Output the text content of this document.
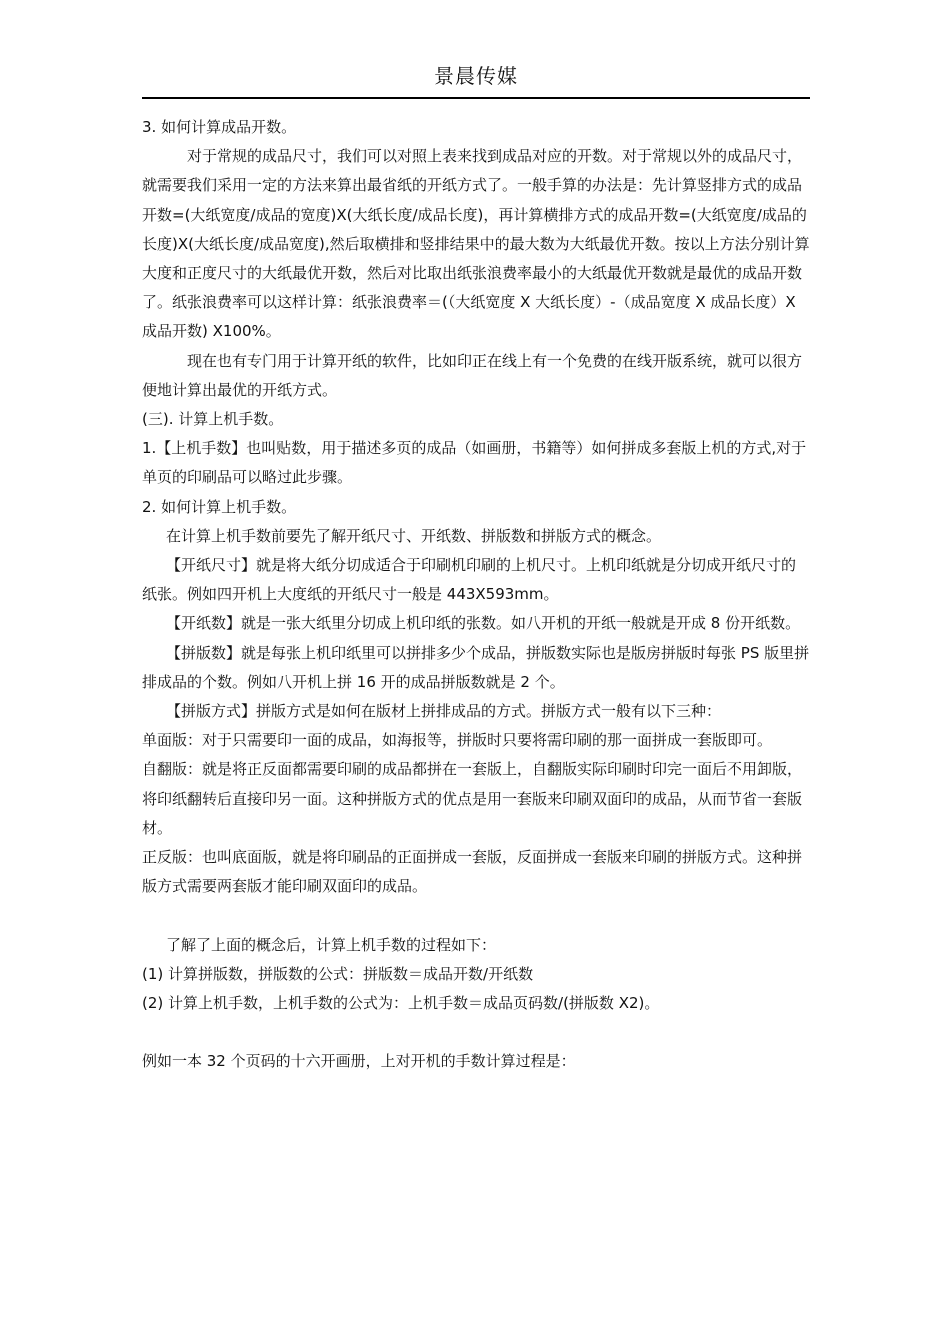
景晨传媒

3. 如何计算成品开数。

对于常规的成品尺寸，我们可以对照上表来找到成品对应的开数。对于常规以外的成品尺寸，就需要我们采用一定的方法来算出最省纸的开纸方式了。一般手算的办法是：先计算竖排方式的成品开数=(大纸宽度/成品的宽度)X(大纸长度/成品长度)，再计算横排方式的成品开数=(大纸宽度/成品的长度)X(大纸长度/成品宽度),然后取横排和竖排结果中的最大数为大纸最优开数。按以上方法分别计算大度和正度尺寸的大纸最优开数，然后对比取出纸张浪费率最小的大纸最优开数就是最优的成品开数了。纸张浪费率可以这样计算：纸张浪费率＝(（大纸宽度 X 大纸长度）-（成品宽度 X 成品长度）X 成品开数) X100%。

现在也有专门用于计算开纸的软件，比如印正在线上有一个免费的在线开版系统，就可以很方便地计算出最优的开纸方式。

(三). 计算上机手数。

1.【上机手数】也叫贴数，用于描述多页的成品（如画册，书籍等）如何拼成多套版上机的方式,对于单页的印刷品可以略过此步骤。

2. 如何计算上机手数。

在计算上机手数前要先了解开纸尺寸、开纸数、拼版数和拼版方式的概念。

【开纸尺寸】就是将大纸分切成适合于印刷机印刷的上机尺寸。上机印纸就是分切成开纸尺寸的纸张。例如四开机上大度纸的开纸尺寸一般是 443X593mm。

【开纸数】就是一张大纸里分切成上机印纸的张数。如八开机的开纸一般就是开成 8 份开纸数。

【拼版数】就是每张上机印纸里可以拼排多少个成品，拼版数实际也是版房拼版时每张 PS 版里拼排成品的个数。例如八开机上拼 16 开的成品拼版数就是 2 个。

【拼版方式】拼版方式是如何在版材上拼排成品的方式。拼版方式一般有以下三种：

单面版：对于只需要印一面的成品，如海报等，拼版时只要将需印刷的那一面拼成一套版即可。

自翻版：就是将正反面都需要印刷的成品都拼在一套版上，自翻版实际印刷时印完一面后不用卸版，将印纸翻转后直接印另一面。这种拼版方式的优点是用一套版来印刷双面印的成品，从而节省一套版材。

正反版：也叫底面版，就是将印刷品的正面拼成一套版，反面拼成一套版来印刷的拼版方式。这种拼版方式需要两套版才能印刷双面印的成品。

了解了上面的概念后，计算上机手数的过程如下：

(1) 计算拼版数，拼版数的公式：拼版数＝成品开数/开纸数

(2) 计算上机手数，上机手数的公式为：上机手数＝成品页码数/(拼版数 X2)。

例如一本 32 个页码的十六开画册，上对开机的手数计算过程是：
